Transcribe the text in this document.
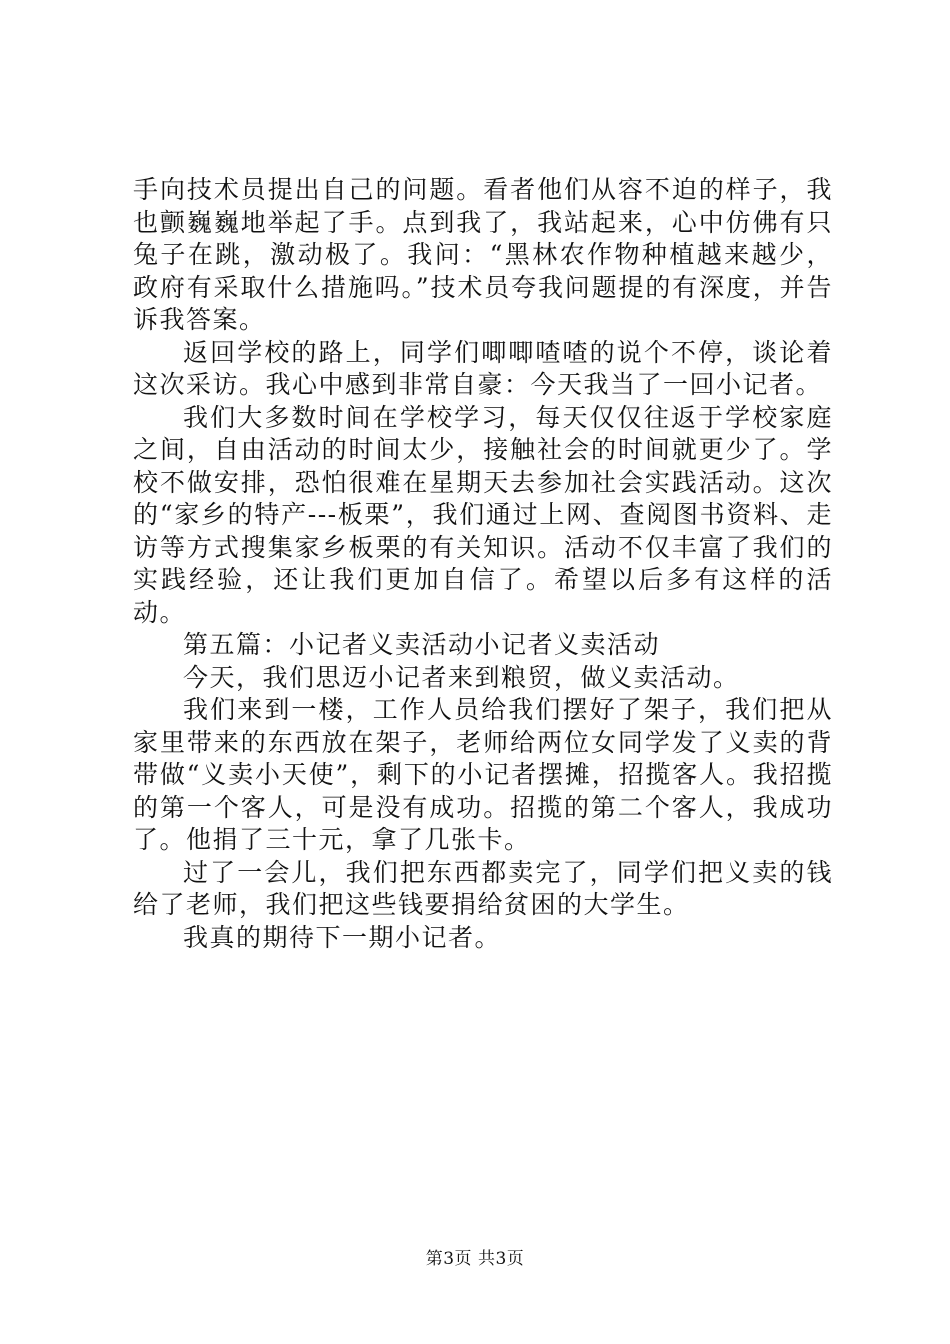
手向技术员提出自己的问题。看者他们从容不迫的样子，我也颤巍巍地举起了手。点到我了，我站起来，心中仿佛有只兔子在跳，激动极了。我问：“黑林农作物种植越来越少，政府有采取什么措施吗。”技术员夸我问题提的有深度，并告诉我答案。

返回学校的路上，同学们唧唧喳喳的说个不停，谈论着这次采访。我心中感到非常自豪：今天我当了一回小记者。

我们大多数时间在学校学习，每天仅仅往返于学校家庭之间，自由活动的时间太少，接触社会的时间就更少了。学校不做安排，恐怕很难在星期天去参加社会实践活动。这次的“家乡的特产---板栗”，我们通过上网、查阅图书资料、走访等方式搜集家乡板栗的有关知识。活动不仅丰富了我们的实践经验，还让我们更加自信了。希望以后多有这样的活动。

第五篇：小记者义卖活动小记者义卖活动

今天，我们思迈小记者来到粮贸，做义卖活动。

我们来到一楼，工作人员给我们摆好了架子，我们把从家里带来的东西放在架子，老师给两位女同学发了义卖的背带做“义卖小天使”，剩下的小记者摆摊，招揽客人。我招揽的第一个客人，可是没有成功。招揽的第二个客人，我成功了。他捐了三十元，拿了几张卡。

过了一会儿，我们把东西都卖完了，同学们把义卖的钱给了老师，我们把这些钱要捐给贫困的大学生。

我真的期待下一期小记者。

第3页 共3页
